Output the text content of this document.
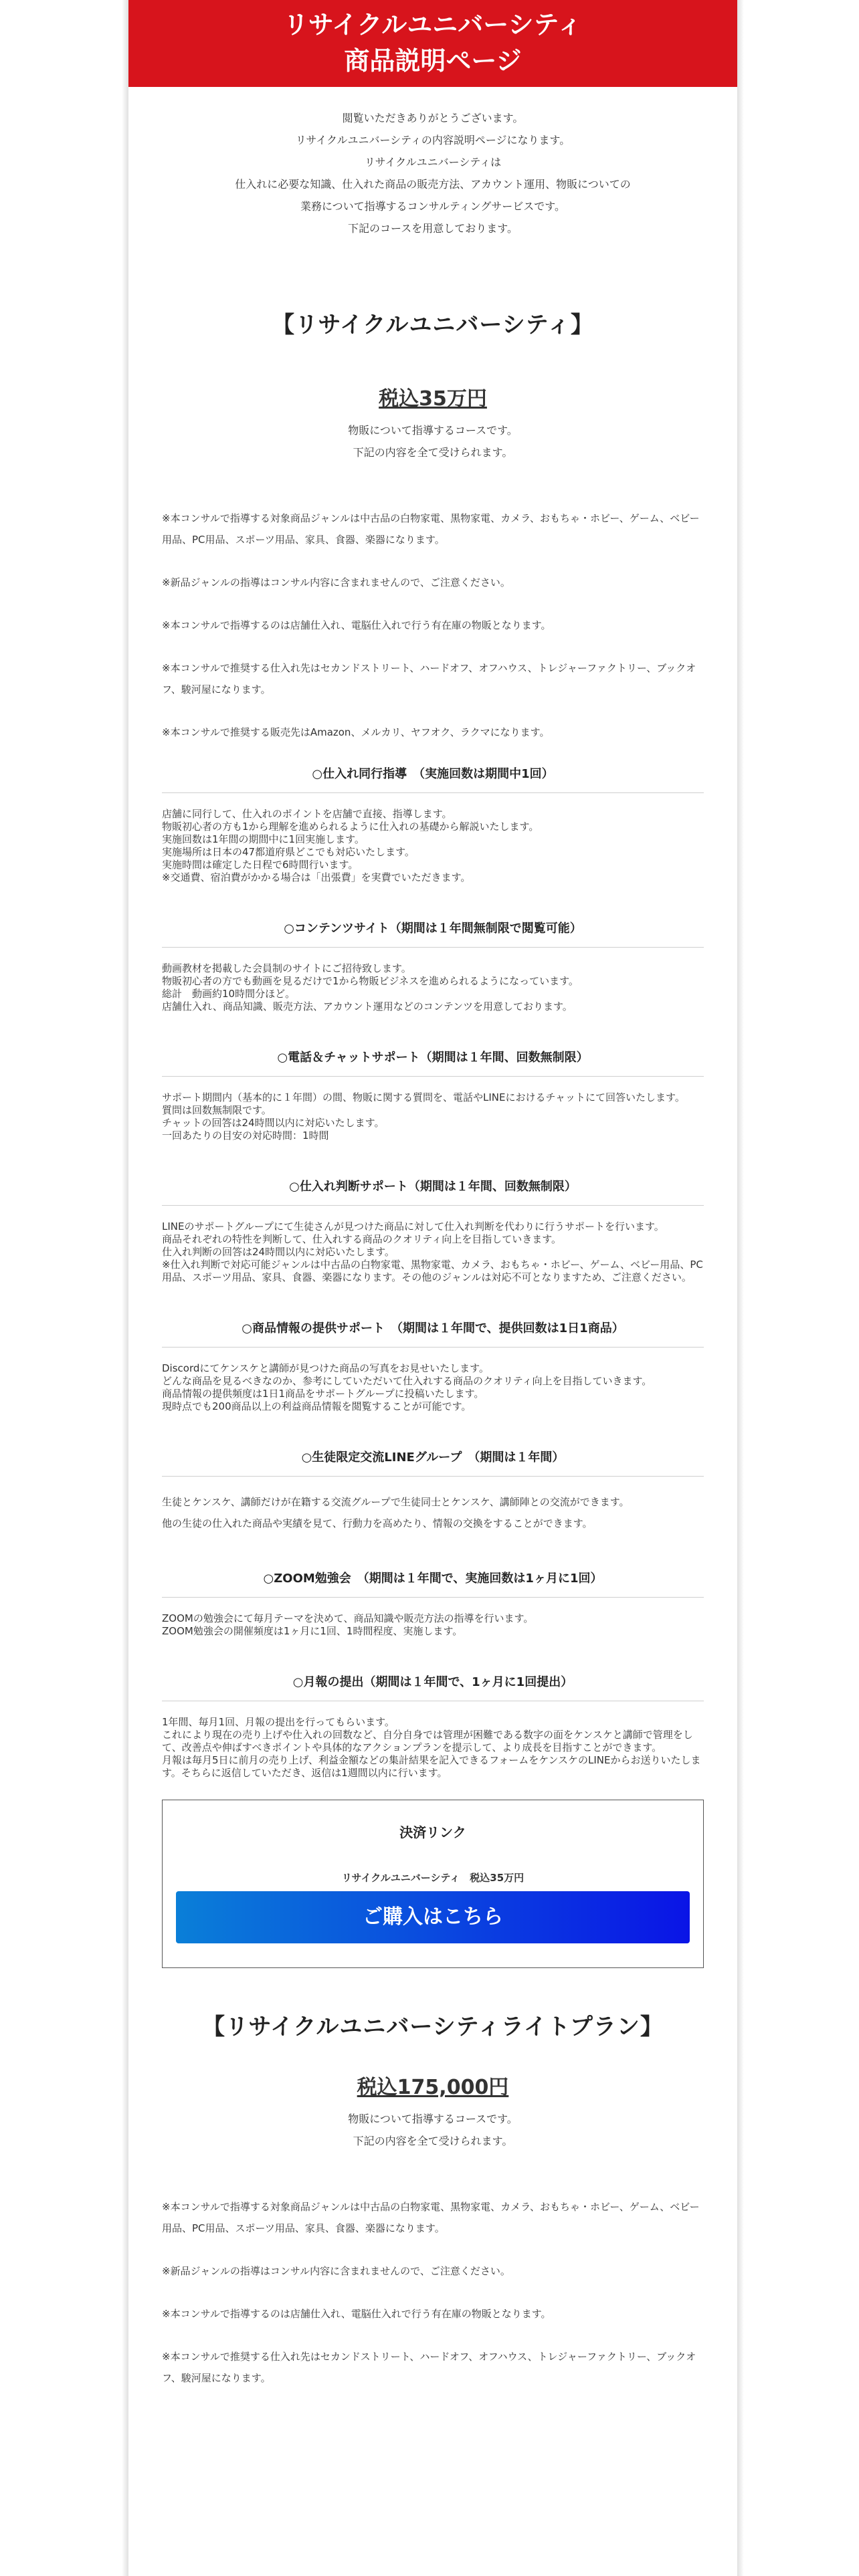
リサイクルユニバーシティ
商品説明ページ
閲覧いただきありがとうございます。
リサイクルユニバーシティの内容説明ページになります。
リサイクルユニバーシティは
仕入れに必要な知識、仕入れた商品の販売方法、アカウント運用、物販についての
業務について指導するコンサルティングサービスです。
下記のコースを用意しております。
【リサイクルユニバーシティ】
税込35万円
物販について指導するコースです。
下記の内容を全て受けられます。
※本コンサルで指導する対象商品ジャンルは中古品の白物家電、黒物家電、カメラ、おもちゃ・ホビー、ゲーム、ベビー用品、PC用品、スポーツ用品、家具、食器、楽器になります。
※新品ジャンルの指導はコンサル内容に含まれませんので、ご注意ください。
※本コンサルで指導するのは店舗仕入れ、電脳仕入れで行う有在庫の物販となります。
※本コンサルで推奨する仕入れ先はセカンドストリート、ハードオフ、オフハウス、トレジャーファクトリー、ブックオフ、駿河屋になります。
※本コンサルで推奨する販売先はAmazon、メルカリ、ヤフオク、ラクマになります。
○仕入れ同行指導　（実施回数は期間中1回）

店舗に同行して、仕入れのポイントを店舗で直接、指導します。

物販初心者の方も1から理解を進められるように仕入れの基礎から解説いたします。

実施回数は1年間の期間中に1回実施します。

実施場所は日本の47都道府県どこでも対応いたします。

実施時間は確定した日程で6時間行います。

※交通費、宿泊費がかかる場合は「出張費」を実費でいただきます。

○コンテンツサイト（期間は１年間無制限で閲覧可能）

動画教材を掲載した会員制のサイトにご招待致します。

物販初心者の方でも動画を見るだけで1から物販ビジネスを進められるようになっています。

総計　動画約10時間分ほど。

店舗仕入れ、商品知識、販売方法、アカウント運用などのコンテンツを用意しております。

○電話＆チャットサポート（期間は１年間、回数無制限）

サポート期間内（基本的に１年間）の間、物販に関する質問を、電話やLINEにおけるチャットにて回答いたします。

質問は回数無制限です。

チャットの回答は24時間以内に対応いたします。

一回あたりの目安の対応時間：1時間

○仕入れ判断サポート（期間は１年間、回数無制限）

LINEのサポートグループにて生徒さんが見つけた商品に対して仕入れ判断を代わりに行うサポートを行います。

商品それぞれの特性を判断して、仕入れする商品のクオリティ向上を目指していきます。

仕入れ判断の回答は24時間以内に対応いたします。

※仕入れ判断で対応可能ジャンルは中古品の白物家電、黒物家電、カメラ、おもちゃ・ホビー、ゲーム、ベビー用品、PC用品、スポーツ用品、家具、食器、楽器になります。その他のジャンルは対応不可となりますため、ご注意ください。

○商品情報の提供サポート　（期間は１年間で、提供回数は1日1商品）

Discordにてケンスケと講師が見つけた商品の写真をお見せいたします。

どんな商品を見るべきなのか、参考にしていただいて仕入れする商品のクオリティ向上を目指していきます。

商品情報の提供頻度は1日1商品をサポートグループに投稿いたします。

現時点でも200商品以上の利益商品情報を閲覧することが可能です。

○生徒限定交流LINEグループ　（期間は１年間）

生徒とケンスケ、講師だけが在籍する交流グループで生徒同士とケンスケ、講師陣との交流ができます。

他の生徒の仕入れた商品や実績を見て、行動力を高めたり、情報の交換をすることができます。

○ZOOM勉強会　（期間は１年間で、実施回数は1ヶ月に1回）

ZOOMの勉強会にて毎月テーマを決めて、商品知識や販売方法の指導を行います。

ZOOM勉強会の開催頻度は1ヶ月に1回、1時間程度、実施します。

○月報の提出（期間は１年間で、1ヶ月に1回提出）

1年間、毎月1回、月報の提出を行ってもらいます。

これにより現在の売り上げや仕入れの回数など、自分自身では管理が困難である数字の面をケンスケと講師で管理をして、改善点や伸ばすべきポイントや具体的なアクションプランを提示して、より成長を目指すことができます。

月報は毎月5日に前月の売り上げ、利益金額などの集計結果を記入できるフォームをケンスケのLINEからお送りいたします。そちらに返信していただき、返信は1週間以内に行います。

決済リンク
リサイクルユニバーシティ　税込35万円
ご購入はこちら
【リサイクルユニバーシティライトプラン】
税込175,000円
物販について指導するコースです。
下記の内容を全て受けられます。
※本コンサルで指導する対象商品ジャンルは中古品の白物家電、黒物家電、カメラ、おもちゃ・ホビー、ゲーム、ベビー用品、PC用品、スポーツ用品、家具、食器、楽器になります。
※新品ジャンルの指導はコンサル内容に含まれませんので、ご注意ください。
※本コンサルで指導するのは店舗仕入れ、電脳仕入れで行う有在庫の物販となります。
※本コンサルで推奨する仕入れ先はセカンドストリート、ハードオフ、オフハウス、トレジャーファクトリー、ブックオフ、駿河屋になります。
